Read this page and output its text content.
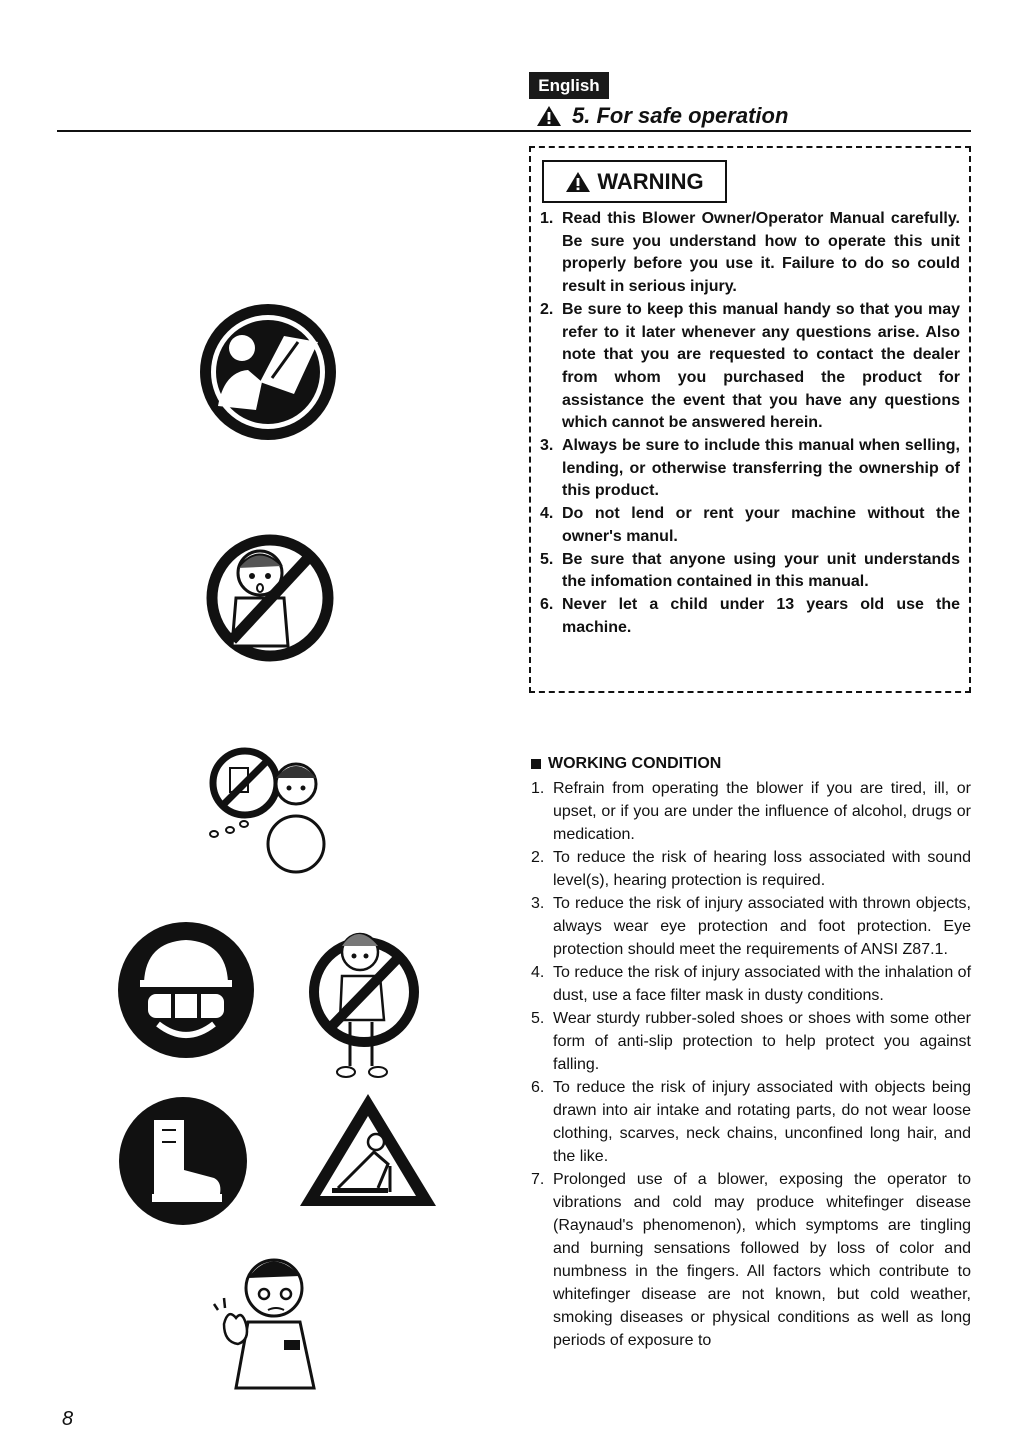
English
5. For safe operation
WARNING
1. Read this Blower Owner/Operator Manual carefully. Be sure you understand how to operate this unit properly before you use it. Failure to do so could result in serious injury.
2. Be sure to keep this manual handy so that you may refer to it later whenever any questions arise. Also note that you are requested to contact the dealer from whom you purchased the product for assistance the event that you have any questions which cannot be answered herein.
3. Always be sure to include this manual when selling, lending, or otherwise transferring the ownership of this product.
4. Do not lend or rent your machine without the owner's manul.
5. Be sure that anyone using your unit understands the infomation contained in this manual.
6. Never let a child under 13 years old use the machine.
WORKING CONDITION
1. Refrain from operating the blower if you are tired, ill, or upset, or if you are under the influence of alcohol, drugs or medication.
2. To reduce the risk of hearing loss associated with sound level(s), hearing protection is required.
3. To reduce the risk of injury associated with thrown objects, always wear eye protection and foot protection. Eye protection should meet the requirements of ANSI Z87.1.
4. To reduce the risk of injury associated with the inhalation of dust, use a face filter mask in dusty conditions.
5. Wear sturdy rubber-soled shoes or shoes with some other form of anti-slip protection to help protect you against falling.
6. To reduce the risk of injury associated with objects being drawn into air intake and rotating parts, do not wear loose clothing, scarves, neck chains, unconfined long hair, and the like.
7. Prolonged use of a blower, exposing the operator to vibrations and cold may produce whitefinger disease (Raynaud's phenomenon), which symptoms are tingling and burning sensations followed by loss of color and numbness in the fingers. All factors which contribute to whitefinger disease are not known, but cold weather, smoking diseases or physical conditions as well as long periods of exposure to
8
